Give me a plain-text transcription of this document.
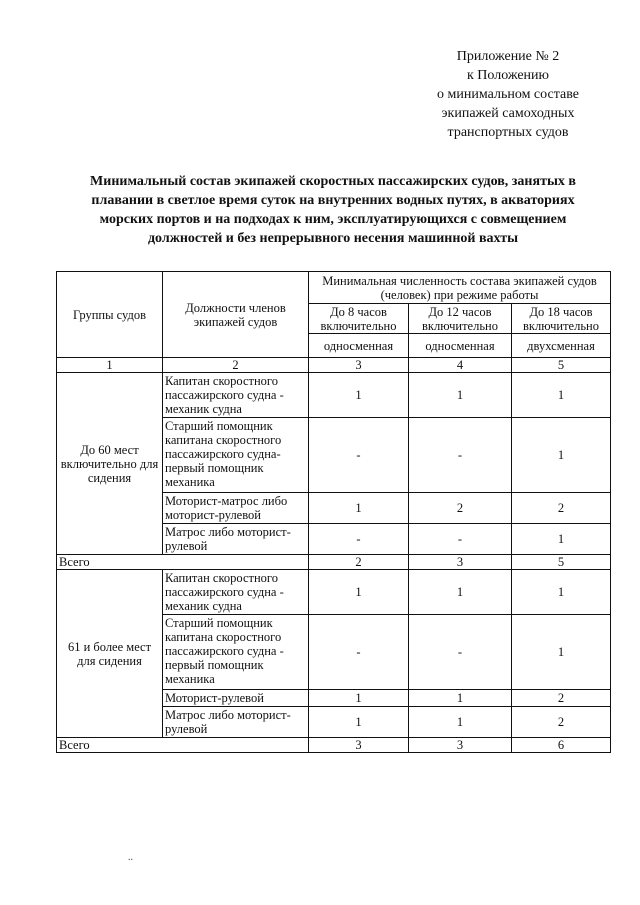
Приложение № 2
к Положению
о минимальном составе
экипажей самоходных
транспортных судов
Минимальный состав экипажей скоростных пассажирских судов, занятых в
плавании в светлое время суток на внутренних водных путях, в акваториях
морских портов и на подходах к ним, эксплуатирующихся с совмещением
должностей и без непрерывного несения машинной вахты
Группы судов	Должности членов экипажей судов	Минимальная численность состава экипажей судов (человек) при режиме работы		
		До 8 часов включительно	До 12 часов включительно	До 18 часов включительно
		односменная	односменная	двухсменная
1	2	3	4	5
До 60 мест включительно для сидения	Капитан скоростного пассажирского судна - механик судна	1	1	1
	Старший помощник капитана скоростного пассажирского судна-первый помощник механика	-	-	1
	Моторист-матрос либо моторист-рулевой	1	2	2
	Матрос либо моторист-рулевой	-	-	1
Всего		2	3	5
61 и более мест для сидения	Капитан скоростного пассажирского судна - механик судна	1	1	1
	Старший помощник капитана скоростного пассажирского судна - первый помощник механика	-	-	1
	Моторист-рулевой	1	1	2
	Матрос либо моторист-рулевой	1	1	2
Всего		3	3	6
..
